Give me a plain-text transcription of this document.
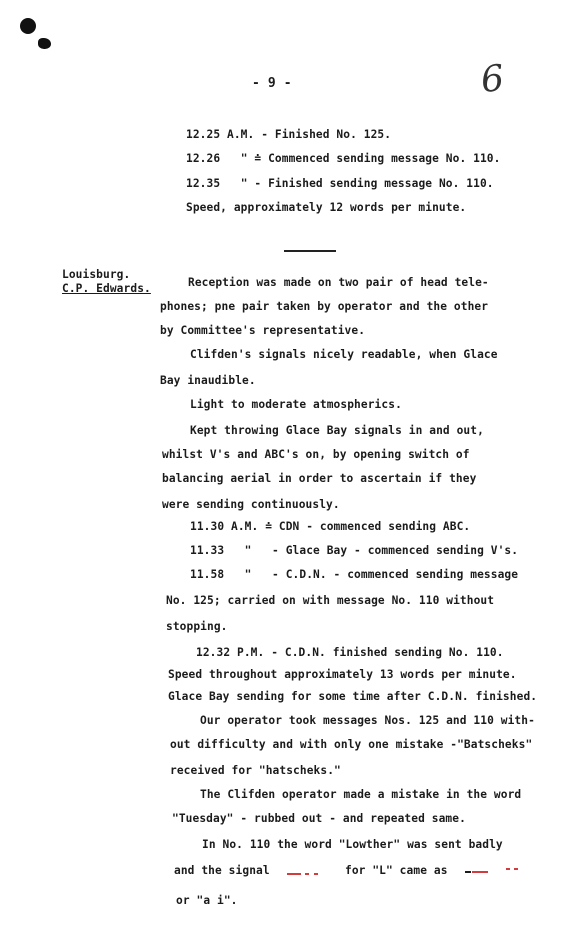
- 9 -	6
12.25 A.M. - Finished No. 125.
12.26 " ≐ Commenced sending message No. 110.
12.35 " - Finished sending message No. 110.
Speed, approximately 12 words per minute.
Louisburg.
C.P. Edwards.	Reception was made on two pair of head tele-
phones; pne pair taken by operator and the other
by Committee's representative.
Clifden's signals nicely readable, when Glace
Bay inaudible.
Light to moderate atmospherics.
Kept throwing Glace Bay signals in and out,
whilst V's and ABC's on, by opening switch of
balancing aerial in order to ascertain if they
were sending continuously.
11.30 A.M. ≐ CDN - commenced sending ABC.
11.33   "   - Glace Bay - commenced sending V's.
11.58   "   - C.D.N. - commenced sending message
No. 125; carried on with message No. 110 without
stopping.
12.32 P.M. - C.D.N. finished sending No. 110.
Speed throughout approximately 13 words per minute.
Glace Bay sending for some time after C.D.N. finished.
Our operator took messages Nos. 125 and 110 with-
out difficulty and with only one mistake -"Batscheks"
received for "hatscheks."
The Clifden operator made a mistake in the word
"Tuesday" - rubbed out - and repeated same.
In No. 110 the word "Lowther" was sent badly
and the signal	for "L" came as
or "a i".
